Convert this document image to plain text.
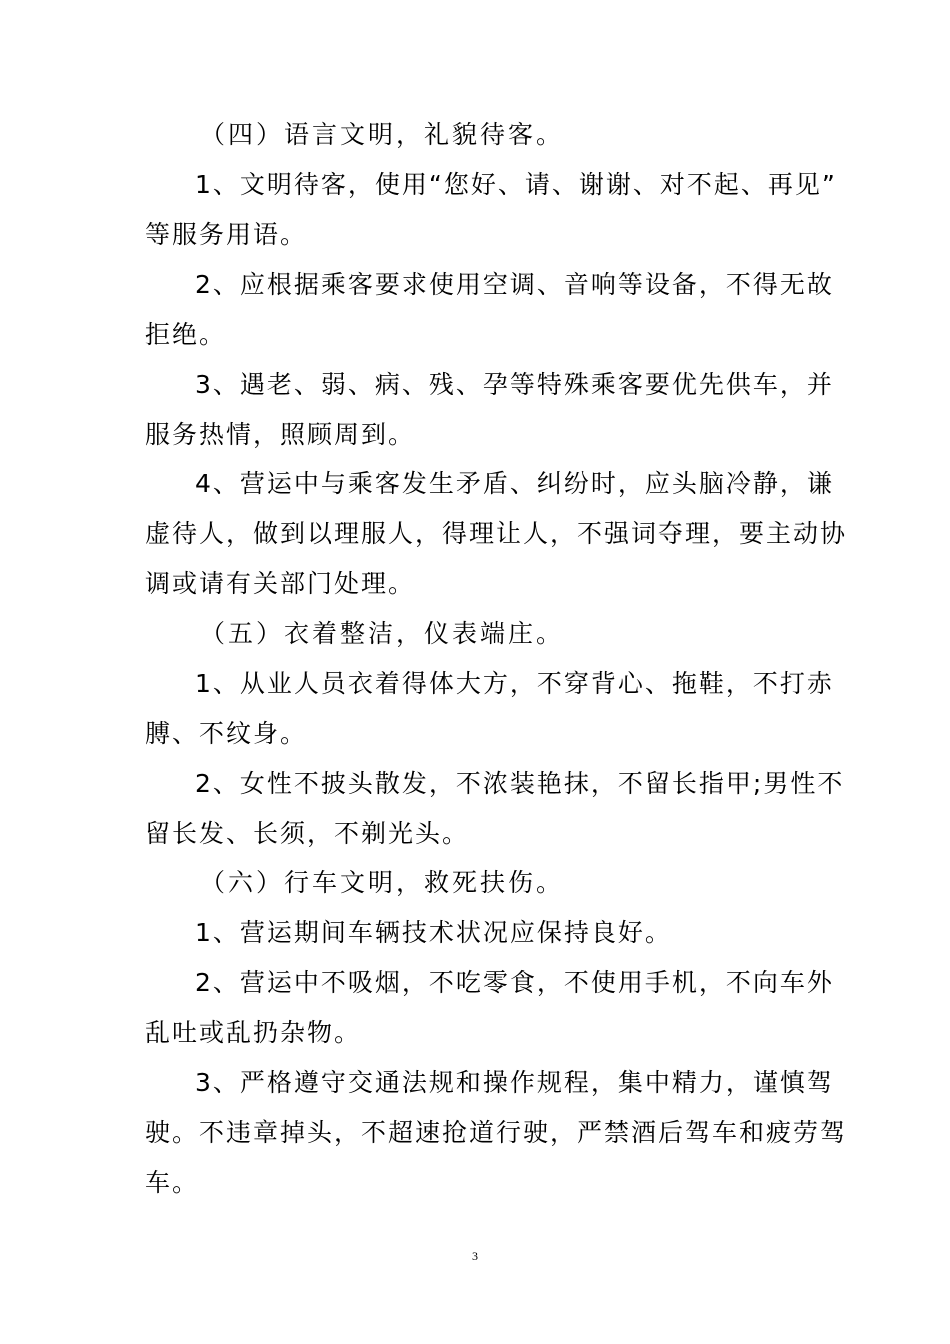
（四）语言文明，礼貌待客。
1、文明待客，使用“您好、请、谢谢、对不起、再见”
等服务用语。
2、应根据乘客要求使用空调、音响等设备，不得无故
拒绝。
3、遇老、弱、病、残、孕等特殊乘客要优先供车，并
服务热情，照顾周到。
4、营运中与乘客发生矛盾、纠纷时，应头脑冷静，谦
虚待人，做到以理服人，得理让人，不强词夺理，要主动协
调或请有关部门处理。
（五）衣着整洁，仪表端庄。
1、从业人员衣着得体大方，不穿背心、拖鞋，不打赤
膊、不纹身。
2、女性不披头散发，不浓装艳抹，不留长指甲;男性不
留长发、长须，不剃光头。
（六）行车文明，救死扶伤。
1、营运期间车辆技术状况应保持良好。
2、营运中不吸烟，不吃零食，不使用手机，不向车外
乱吐或乱扔杂物。
3、严格遵守交通法规和操作规程，集中精力，谨慎驾
驶。不违章掉头，不超速抢道行驶，严禁酒后驾车和疲劳驾
车。
3
